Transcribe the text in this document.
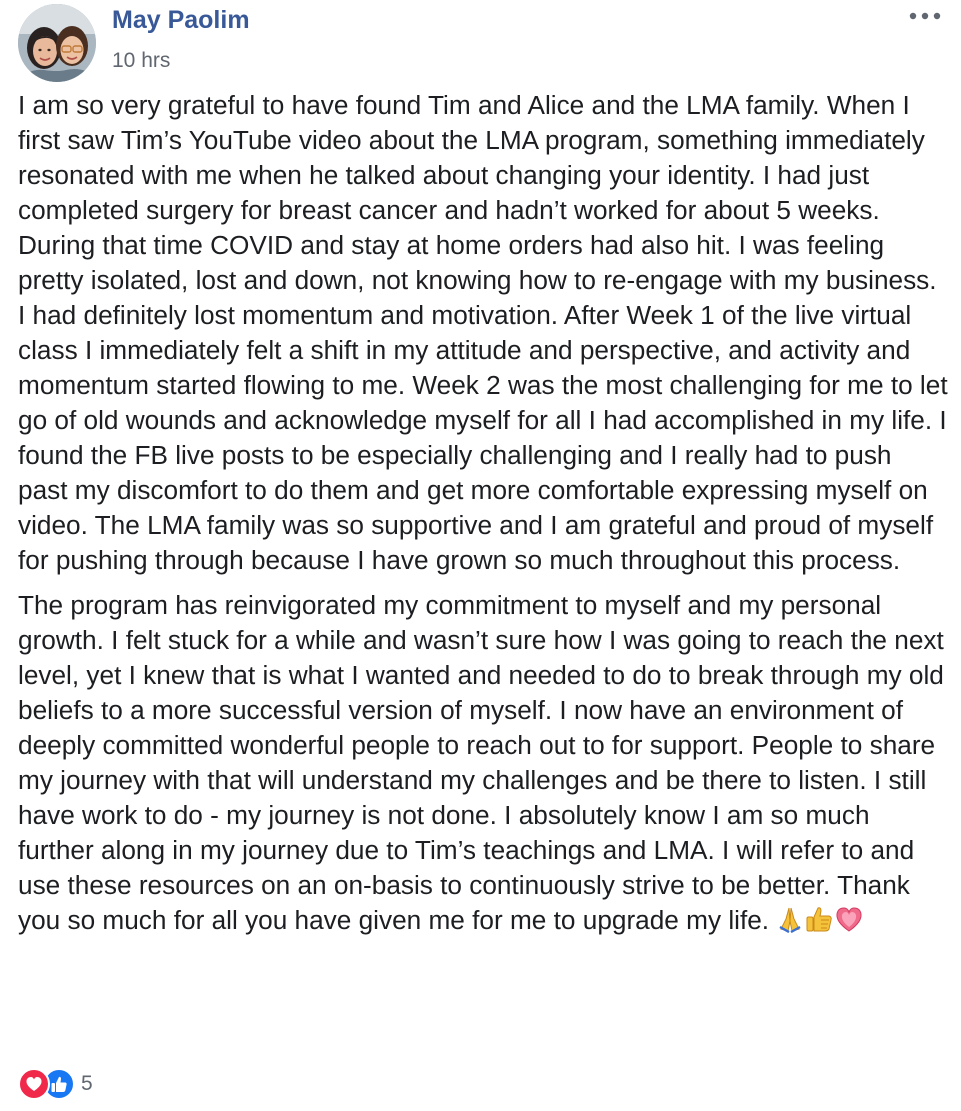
May Paolim
10 hrs

I am so very grateful to have found Tim and Alice and the LMA family. When I first saw Tim’s YouTube video about the LMA program, something immediately resonated with me when he talked about changing your identity. I had just completed surgery for breast cancer and hadn’t worked for about 5 weeks. During that time COVID and stay at home orders had also hit. I was feeling pretty isolated, lost and down, not knowing how to re-engage with my business. I had definitely lost momentum and motivation. After Week 1 of the live virtual class I immediately felt a shift in my attitude and perspective, and activity and momentum started flowing to me. Week 2 was the most challenging for me to let go of old wounds and acknowledge myself for all I had accomplished in my life. I found the FB live posts to be especially challenging and I really had to push past my discomfort to do them and get more comfortable expressing myself on video. The LMA family was so supportive and I am grateful and proud of myself for pushing through because I have grown so much throughout this process.

The program has reinvigorated my commitment to myself and my personal growth. I felt stuck for a while and wasn’t sure how I was going to reach the next level, yet I knew that is what I wanted and needed to do to break through my old beliefs to a more successful version of myself. I now have an environment of deeply committed wonderful people to reach out to for support. People to share my journey with that will understand my challenges and be there to listen. I still have work to do - my journey is not done. I absolutely know I am so much further along in my journey due to Tim’s teachings and LMA. I will refer to and use these resources on an on-basis to continuously strive to be better. Thank you so much for all you have given me for me to upgrade my life.

5
